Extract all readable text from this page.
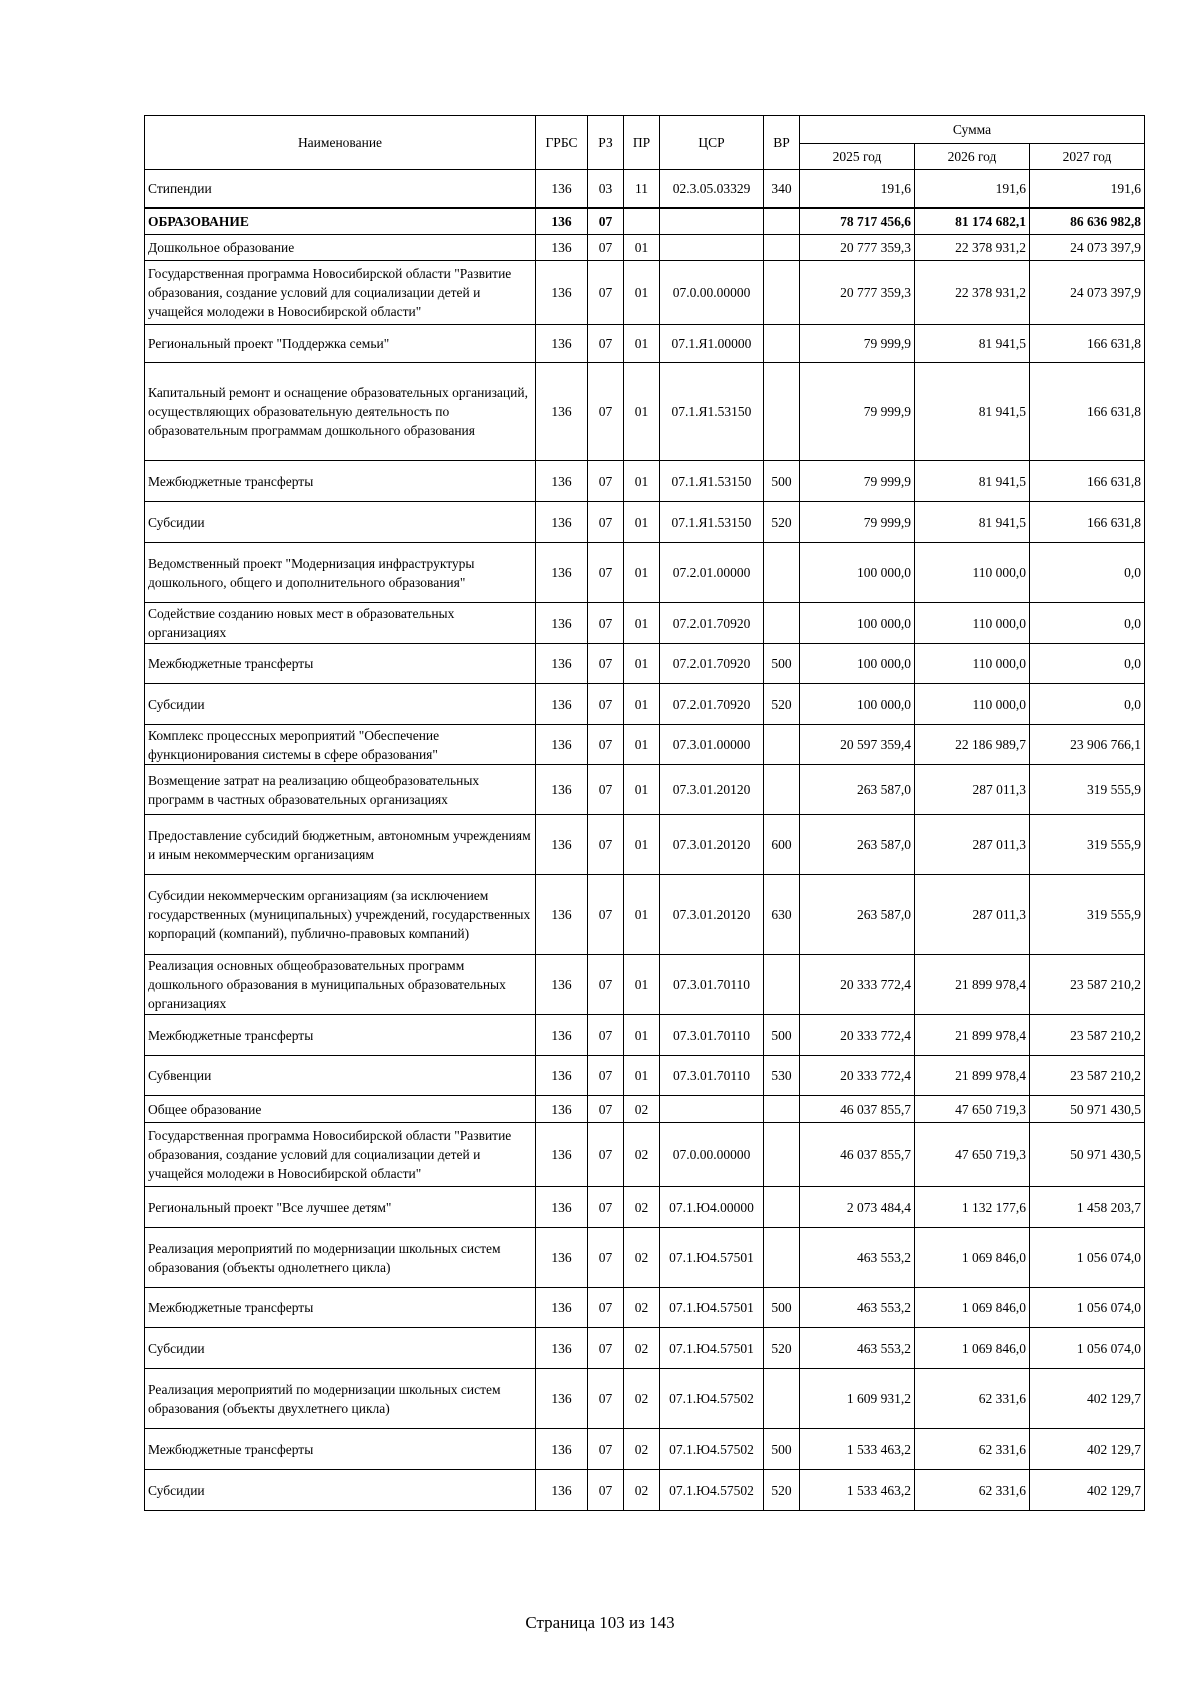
Наименование	ГРБС	РЗ	ПР	ЦСР	ВР	Сумма		
						2025 год	2026 год	2027 год
Стипендии	136	03	11	02.3.05.03329	340	191,6	191,6	191,6
ОБРАЗОВАНИЕ	136	07				78 717 456,6	81 174 682,1	86 636 982,8
Дошкольное образование	136	07	01			20 777 359,3	22 378 931,2	24 073 397,9
Государственная программа Новосибирской области "Развитие образования, создание условий для социализации детей и учащейся молодежи в Новосибирской области"	136	07	01	07.0.00.00000		20 777 359,3	22 378 931,2	24 073 397,9
Региональный проект "Поддержка семьи"	136	07	01	07.1.Я1.00000		79 999,9	81 941,5	166 631,8
Капитальный ремонт и оснащение образовательных организаций, осуществляющих образовательную деятельность по образовательным программам дошкольного образования	136	07	01	07.1.Я1.53150		79 999,9	81 941,5	166 631,8
Межбюджетные трансферты	136	07	01	07.1.Я1.53150	500	79 999,9	81 941,5	166 631,8
Субсидии	136	07	01	07.1.Я1.53150	520	79 999,9	81 941,5	166 631,8
Ведомственный проект "Модернизация инфраструктуры дошкольного, общего и дополнительного образования"	136	07	01	07.2.01.00000		100 000,0	110 000,0	0,0
Содействие созданию новых мест в образовательных организациях	136	07	01	07.2.01.70920		100 000,0	110 000,0	0,0
Межбюджетные трансферты	136	07	01	07.2.01.70920	500	100 000,0	110 000,0	0,0
Субсидии	136	07	01	07.2.01.70920	520	100 000,0	110 000,0	0,0
Комплекс процессных мероприятий "Обеспечение функционирования системы в сфере образования"	136	07	01	07.3.01.00000		20 597 359,4	22 186 989,7	23 906 766,1
Возмещение затрат на реализацию общеобразовательных программ в частных образовательных организациях	136	07	01	07.3.01.20120		263 587,0	287 011,3	319 555,9
Предоставление субсидий бюджетным, автономным учреждениям и иным некоммерческим организациям	136	07	01	07.3.01.20120	600	263 587,0	287 011,3	319 555,9
Субсидии некоммерческим организациям (за исключением государственных (муниципальных) учреждений, государственных корпораций (компаний), публично-правовых компаний)	136	07	01	07.3.01.20120	630	263 587,0	287 011,3	319 555,9
Реализация основных общеобразовательных программ дошкольного образования в муниципальных образовательных организациях	136	07	01	07.3.01.70110		20 333 772,4	21 899 978,4	23 587 210,2
Межбюджетные трансферты	136	07	01	07.3.01.70110	500	20 333 772,4	21 899 978,4	23 587 210,2
Субвенции	136	07	01	07.3.01.70110	530	20 333 772,4	21 899 978,4	23 587 210,2
Общее образование	136	07	02			46 037 855,7	47 650 719,3	50 971 430,5
Государственная программа Новосибирской области "Развитие образования, создание условий для социализации детей и учащейся молодежи в Новосибирской области"	136	07	02	07.0.00.00000		46 037 855,7	47 650 719,3	50 971 430,5
Региональный проект "Все лучшее детям"	136	07	02	07.1.Ю4.00000		2 073 484,4	1 132 177,6	1 458 203,7
Реализация мероприятий по модернизации школьных систем образования (объекты однолетнего цикла)	136	07	02	07.1.Ю4.57501		463 553,2	1 069 846,0	1 056 074,0
Межбюджетные трансферты	136	07	02	07.1.Ю4.57501	500	463 553,2	1 069 846,0	1 056 074,0
Субсидии	136	07	02	07.1.Ю4.57501	520	463 553,2	1 069 846,0	1 056 074,0
Реализация мероприятий по модернизации школьных систем образования (объекты двухлетнего цикла)	136	07	02	07.1.Ю4.57502		1 609 931,2	62 331,6	402 129,7
Межбюджетные трансферты	136	07	02	07.1.Ю4.57502	500	1 533 463,2	62 331,6	402 129,7
Субсидии	136	07	02	07.1.Ю4.57502	520	1 533 463,2	62 331,6	402 129,7
Страница 103 из 143
